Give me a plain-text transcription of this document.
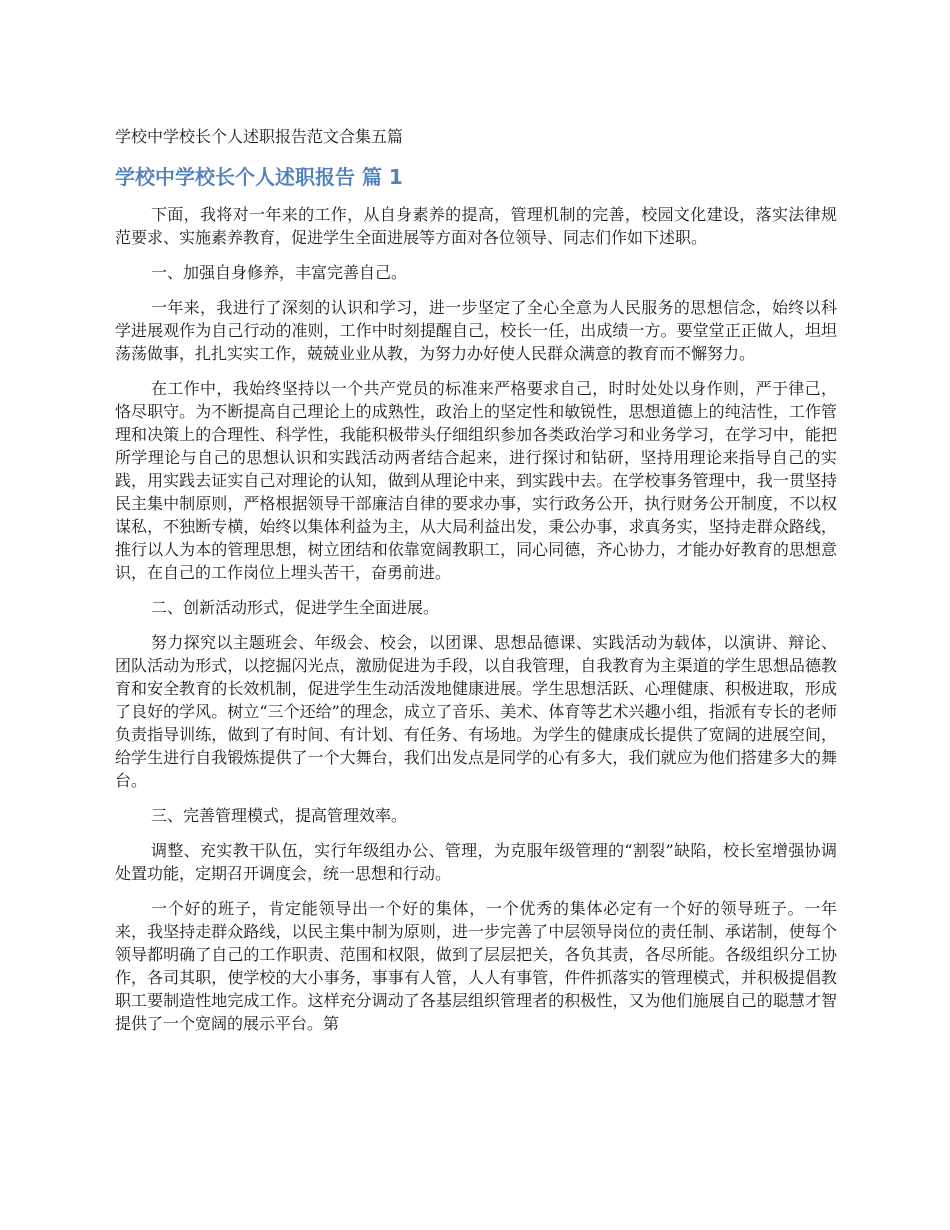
学校中学校长个人述职报告范文合集五篇
学校中学校长个人述职报告 篇 1

下面，我将对一年来的工作，从自身素养的提高，管理机制的完善，校园文化建设，落实法律规范要求、实施素养教育，促进学生全面进展等方面对各位领导、同志们作如下述职。

一、加强自身修养，丰富完善自己。

一年来，我进行了深刻的认识和学习，进一步坚定了全心全意为人民服务的思想信念，始终以科学进展观作为自己行动的准则，工作中时刻提醒自己，校长一任，出成绩一方。要堂堂正正做人，坦坦荡荡做事，扎扎实实工作，兢兢业业从教，为努力办好使人民群众满意的教育而不懈努力。

在工作中，我始终坚持以一个共产党员的标准来严格要求自己，时时处处以身作则，严于律己，恪尽职守。为不断提高自己理论上的成熟性，政治上的坚定性和敏锐性，思想道德上的纯洁性，工作管理和决策上的合理性、科学性，我能积极带头仔细组织参加各类政治学习和业务学习，在学习中，能把所学理论与自己的思想认识和实践活动两者结合起来，进行探讨和钻研，坚持用理论来指导自己的实践，用实践去证实自己对理论的认知，做到从理论中来，到实践中去。在学校事务管理中，我一贯坚持民主集中制原则，严格根据领导干部廉洁自律的要求办事，实行政务公开，执行财务公开制度，不以权谋私，不独断专横，始终以集体利益为主，从大局利益出发，秉公办事，求真务实，坚持走群众路线，推行以人为本的管理思想，树立团结和依靠宽阔教职工，同心同德，齐心协力，才能办好教育的思想意识，在自己的工作岗位上埋头苦干，奋勇前进。

二、创新活动形式，促进学生全面进展。

努力探究以主题班会、年级会、校会，以团课、思想品德课、实践活动为载体，以演讲、辩论、团队活动为形式，以挖掘闪光点，激励促进为手段，以自我管理，自我教育为主渠道的学生思想品德教育和安全教育的长效机制，促进学生生动活泼地健康进展。学生思想活跃、心理健康、积极进取，形成了良好的学风。树立“三个还给”的理念，成立了音乐、美术、体育等艺术兴趣小组，指派有专长的老师负责指导训练，做到了有时间、有计划、有任务、有场地。为学生的健康成长提供了宽阔的进展空间，给学生进行自我锻炼提供了一个大舞台，我们出发点是同学的心有多大，我们就应为他们搭建多大的舞台。

三、完善管理模式，提高管理效率。

调整、充实教干队伍，实行年级组办公、管理，为克服年级管理的“割裂”缺陷，校长室增强协调处置功能，定期召开调度会，统一思想和行动。

一个好的班子，肯定能领导出一个好的集体，一个优秀的集体必定有一个好的领导班子。一年来，我坚持走群众路线，以民主集中制为原则，进一步完善了中层领导岗位的责任制、承诺制，使每个领导都明确了自己的工作职责、范围和权限，做到了层层把关，各负其责，各尽所能。各级组织分工协作，各司其职，使学校的大小事务，事事有人管，人人有事管，件件抓落实的管理模式，并积极提倡教职工要制造性地完成工作。这样充分调动了各基层组织管理者的积极性，又为他们施展自己的聪慧才智提供了一个宽阔的展示平台。第
